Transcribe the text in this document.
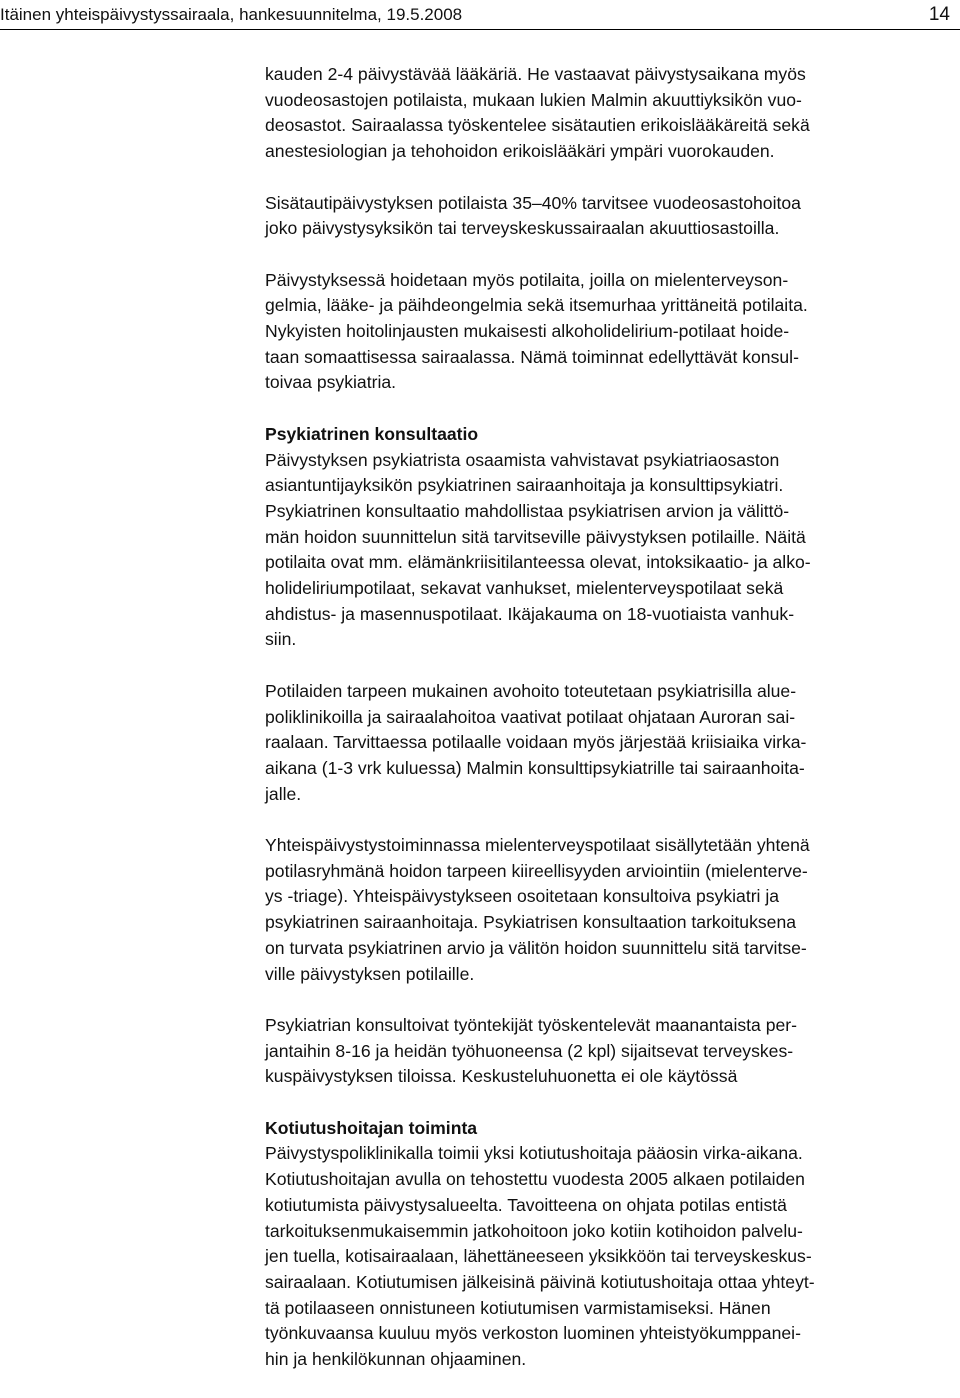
Itäinen yhteispäivystyssairaala, hankesuunnitelma, 19.5.2008	14

kauden 2-4 päivystävää lääkäriä. He vastaavat päivystysaikana myös
vuodeosastojen potilaista, mukaan lukien Malmin akuuttiyksikön vuo-
deosastot. Sairaalassa työskentelee sisätautien erikoislääkäreitä sekä
anestesiologian ja tehohoidon erikoislääkäri ympäri vuorokauden.

Sisätautipäivystyksen potilaista 35–40% tarvitsee vuodeosastohoitoa
joko päivystysyksikön tai terveyskeskussairaalan akuuttiosastoilla.

Päivystyksessä hoidetaan myös potilaita, joilla on mielenterveyson-
gelmia, lääke- ja päihdeongelmia sekä itsemurhaa yrittäneitä potilaita.
Nykyisten hoitolinjausten mukaisesti alkoholidelirium-potilaat hoide-
taan somaattisessa sairaalassa. Nämä toiminnat edellyttävät konsul-
toivaa psykiatria.

Psykiatrinen konsultaatio
Päivystyksen psykiatrista osaamista vahvistavat psykiatriaosaston
asiantuntijayksikön psykiatrinen sairaanhoitaja ja konsulttipsykiatri.
Psykiatrinen konsultaatio mahdollistaa psykiatrisen arvion ja välittö-
män hoidon suunnittelun sitä tarvitseville päivystyksen potilaille. Näitä
potilaita ovat mm. elämänkriisitilanteessa olevat, intoksikaatio- ja alko-
holideliriumpotilaat, sekavat vanhukset, mielenterveyspotilaat sekä
ahdistus- ja masennuspotilaat. Ikäjakauma on 18-vuotiaista vanhuk-
siin.

Potilaiden tarpeen mukainen avohoito toteutetaan psykiatrisilla alue-
poliklinikoilla ja sairaalahoitoa vaativat potilaat ohjataan Auroran sai-
raalaan. Tarvittaessa potilaalle voidaan myös järjestää kriisiaika virka-
aikana (1-3 vrk kuluessa) Malmin konsulttipsykiatrille tai sairaanhoita-
jalle.

Yhteispäivystystoiminnassa mielenterveyspotilaat sisällytetään yhtenä
potilasryhmänä hoidon tarpeen kiireellisyyden arviointiin (mielenterve-
ys -triage). Yhteispäivystykseen osoitetaan konsultoiva psykiatri ja
psykiatrinen sairaanhoitaja. Psykiatrisen konsultaation tarkoituksena
on turvata psykiatrinen arvio ja välitön hoidon suunnittelu sitä tarvitse-
ville päivystyksen potilaille.

Psykiatrian konsultoivat työntekijät työskentelevät maanantaista per-
jantaihin 8-16 ja heidän työhuoneensa (2 kpl) sijaitsevat terveyskes-
kuspäivystyksen tiloissa. Keskusteluhuonetta ei ole käytössä

Kotiutushoitajan toiminta
Päivystyspoliklinikalla toimii yksi kotiutushoitaja pääosin virka-aikana.
Kotiutushoitajan avulla on tehostettu vuodesta 2005 alkaen potilaiden
kotiutumista päivystysalueelta. Tavoitteena on ohjata potilas entistä
tarkoituksenmukaisemmin jatkohoitoon joko kotiin kotihoidon palvelu-
jen tuella, kotisairaalaan, lähettäneeseen yksikköön tai terveyskeskus-
sairaalaan. Kotiutumisen jälkeisinä päivinä kotiutushoitaja ottaa yhteyt-
tä potilaaseen onnistuneen kotiutumisen varmistamiseksi. Hänen
työnkuvaansa kuuluu myös verkoston luominen yhteistyökumppanei-
hin ja henkilökunnan ohjaaminen.
